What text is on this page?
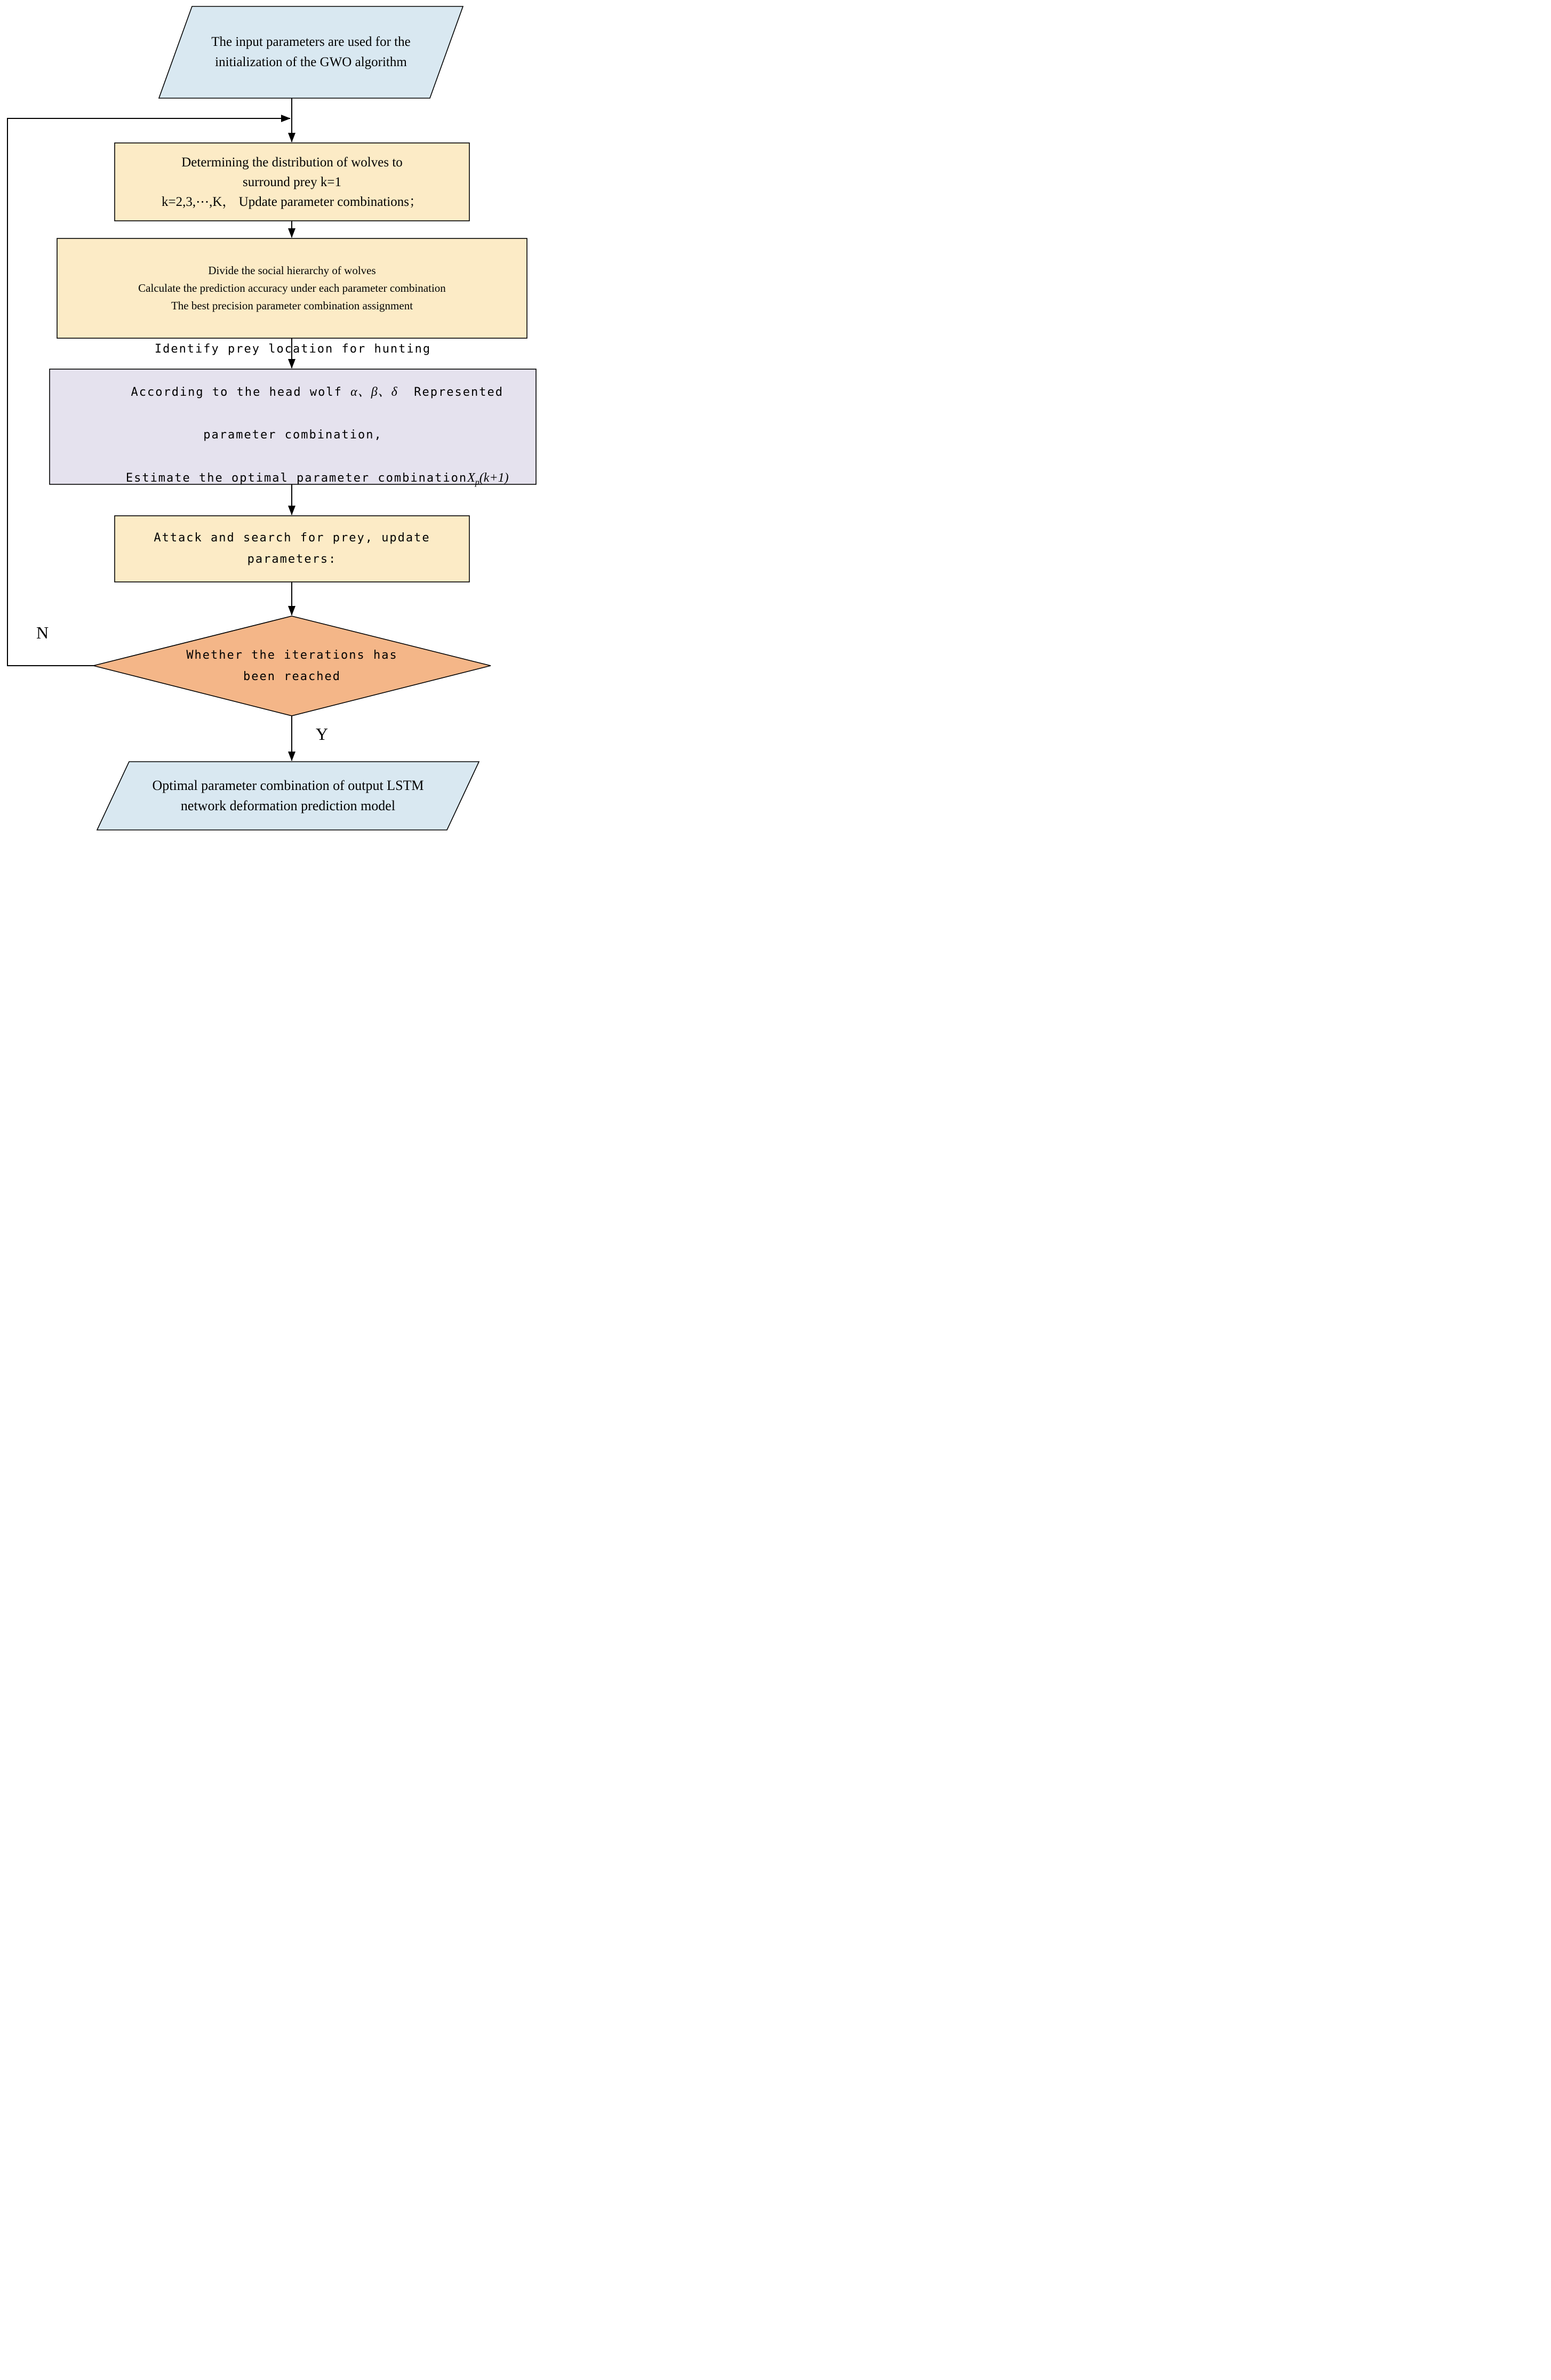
The input parameters are used for the
initialization of the GWO algorithm
Determining the distribution of wolves to
surround prey k=1
k=2,3,⋯,K， Update parameter combinations；
Divide the social hierarchy of wolves
Calculate the prediction accuracy under each parameter combination
The best precision parameter combination assignment
Identify prey location for hunting

According to the head wolf α、β、δ  Represented

parameter combination,

Estimate the optimal parameter combinationX$_p$(k+1)

Attack and search for prey, update
parameters:
Whether the iterations has
been reached
N
Y
Optimal parameter combination of output LSTM
network deformation prediction model
